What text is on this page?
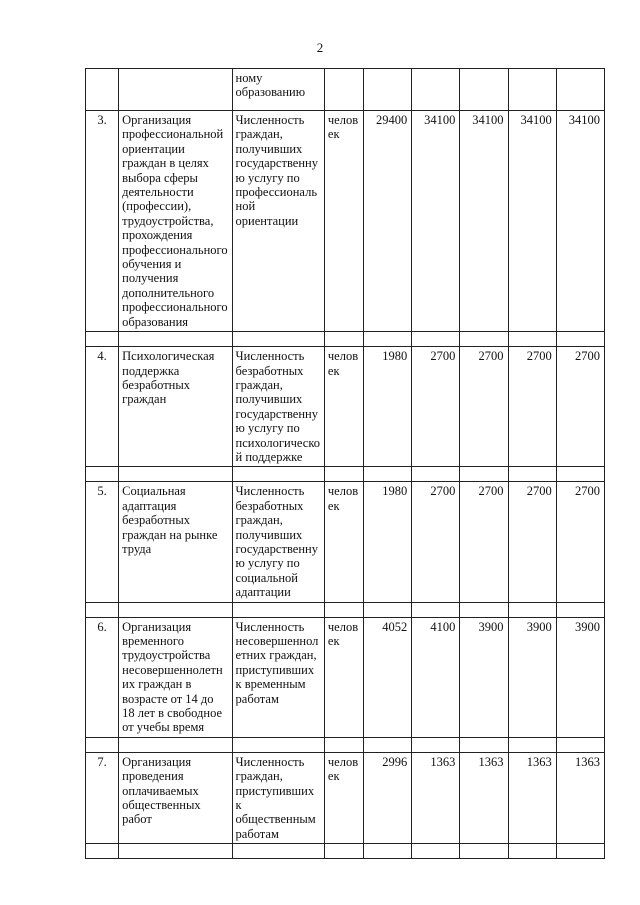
2
		ному образованию						
3.	Организация профессиональной ориентации граждан в целях выбора сферы деятельности (профессии), трудоустройства, прохождения профессионального обучения и получения дополнительного профессионального образования	Численность граждан, получивших государственную услугу по профессиональной ориентации	человек	29400	34100	34100	34100	34100

4.	Психологическая поддержка безработных граждан	Численность безработных граждан, получивших государственную услугу по психологической поддержке	человек	1980	2700	2700	2700	2700

5.	Социальная адаптация безработных граждан на рынке труда	Численность безработных граждан, получивших государственную услугу по социальной адаптации	человек	1980	2700	2700	2700	2700

6.	Организация временного трудоустройства несовершеннолетних граждан в возрасте от 14 до 18 лет в свободное от учебы время	Численность несовершеннолетних граждан, приступивших к временным работам	человек	4052	4100	3900	3900	3900

7.	Организация проведения оплачиваемых общественных работ	Численность граждан, приступивших к общественным работам	человек	2996	1363	1363	1363	1363
